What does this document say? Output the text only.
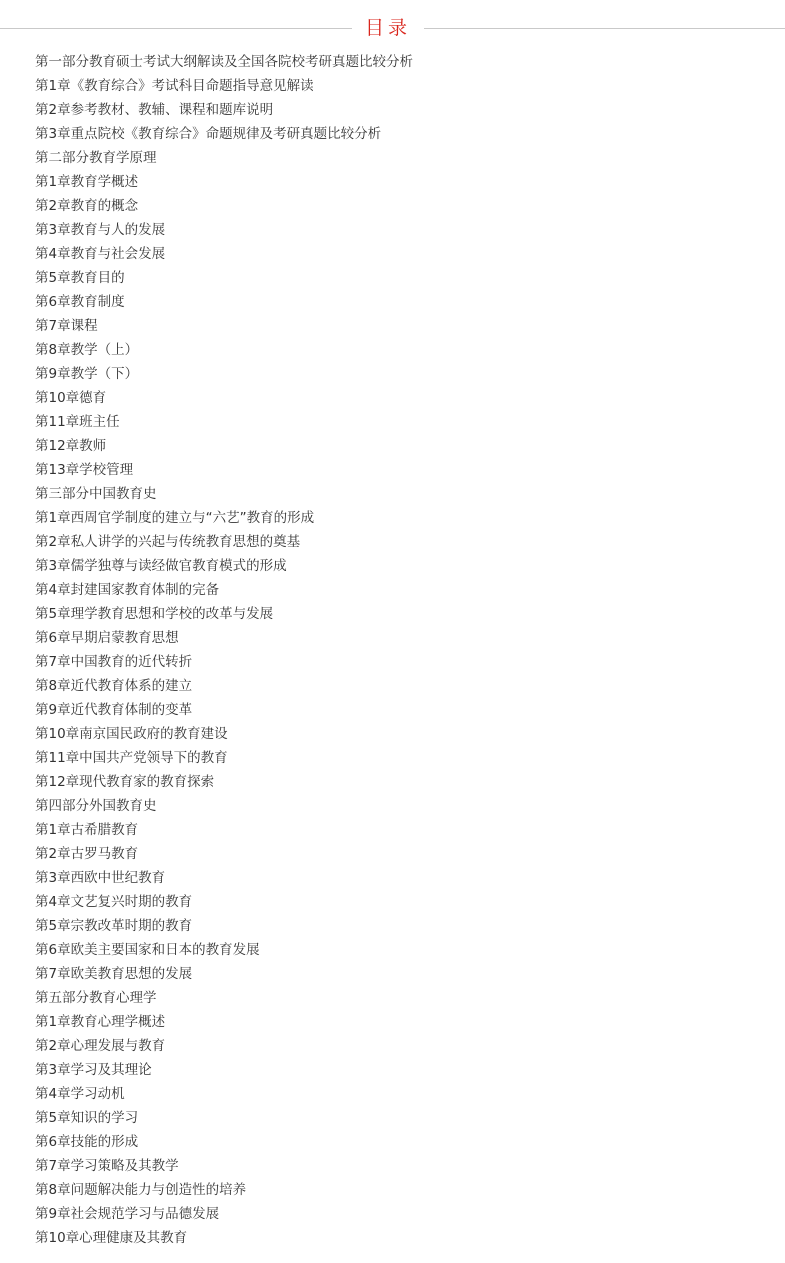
目录
第一部分教育硕士考试大纲解读及全国各院校考研真题比较分析
第1章《教育综合》考试科目命题指导意见解读
第2章参考教材、教辅、课程和题库说明
第3章重点院校《教育综合》命题规律及考研真题比较分析
第二部分教育学原理
第1章教育学概述
第2章教育的概念
第3章教育与人的发展
第4章教育与社会发展
第5章教育目的
第6章教育制度
第7章课程
第8章教学（上）
第9章教学（下）
第10章德育
第11章班主任
第12章教师
第13章学校管理
第三部分中国教育史
第1章西周官学制度的建立与“六艺”教育的形成
第2章私人讲学的兴起与传统教育思想的奠基
第3章儒学独尊与读经做官教育模式的形成
第4章封建国家教育体制的完备
第5章理学教育思想和学校的改革与发展
第6章早期启蒙教育思想
第7章中国教育的近代转折
第8章近代教育体系的建立
第9章近代教育体制的变革
第10章南京国民政府的教育建设
第11章中国共产党领导下的教育
第12章现代教育家的教育探索
第四部分外国教育史
第1章古希腊教育
第2章古罗马教育
第3章西欧中世纪教育
第4章文艺复兴时期的教育
第5章宗教改革时期的教育
第6章欧美主要国家和日本的教育发展
第7章欧美教育思想的发展
第五部分教育心理学
第1章教育心理学概述
第2章心理发展与教育
第3章学习及其理论
第4章学习动机
第5章知识的学习
第6章技能的形成
第7章学习策略及其教学
第8章问题解决能力与创造性的培养
第9章社会规范学习与品德发展
第10章心理健康及其教育
